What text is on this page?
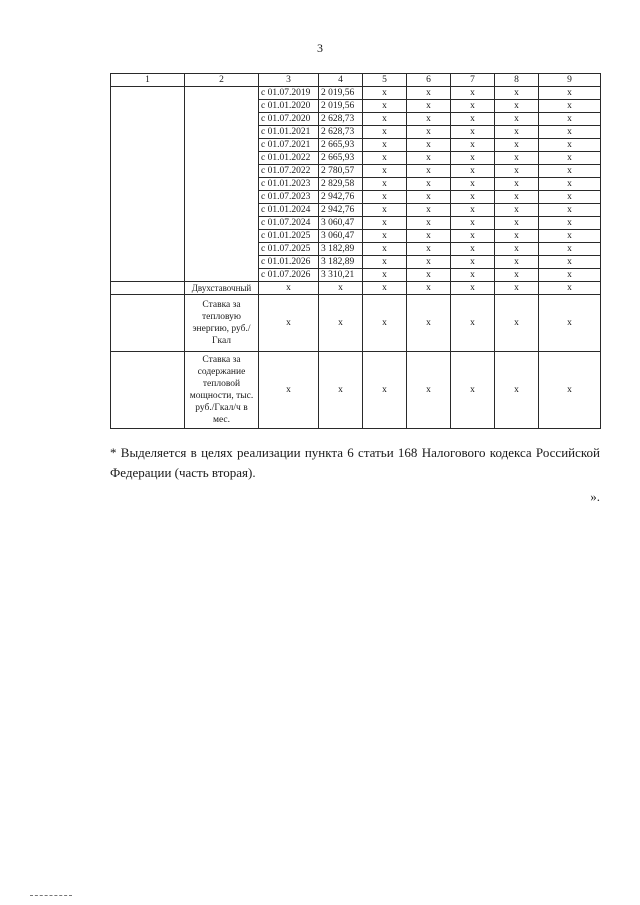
3
1	2	3	4	5	6	7	8	9
		с 01.07.2019	2 019,56	х	х	х	х	х
		с 01.01.2020	2 019,56	х	х	х	х	х
		с 01.07.2020	2 628,73	х	х	х	х	х
		с 01.01.2021	2 628,73	х	х	х	х	х
		с 01.07.2021	2 665,93	х	х	х	х	х
		с 01.01.2022	2 665,93	х	х	х	х	х
		с 01.07.2022	2 780,57	х	х	х	х	х
		с 01.01.2023	2 829,58	х	х	х	х	х
		с 01.07.2023	2 942,76	х	х	х	х	х
		с 01.01.2024	2 942,76	х	х	х	х	х
		с 01.07.2024	3 060,47	х	х	х	х	х
		с 01.01.2025	3 060,47	х	х	х	х	х
		с 01.07.2025	3 182,89	х	х	х	х	х
		с 01.01.2026	3 182,89	х	х	х	х	х
		с 01.07.2026	3 310,21	х	х	х	х	х
	Двухставочный	х	х	х	х	х	х	х
	Ставка за тепловую энергию, руб./Гкал	х	х	х	х	х	х	х
	Ставка за содержание тепловой мощности, тыс. руб./Гкал/ч в мес.	х	х	х	х	х	х	х
* Выделяется в целях реализации пункта 6 статьи 168 Налогового кодекса Российской Федерации (часть вторая).
».
